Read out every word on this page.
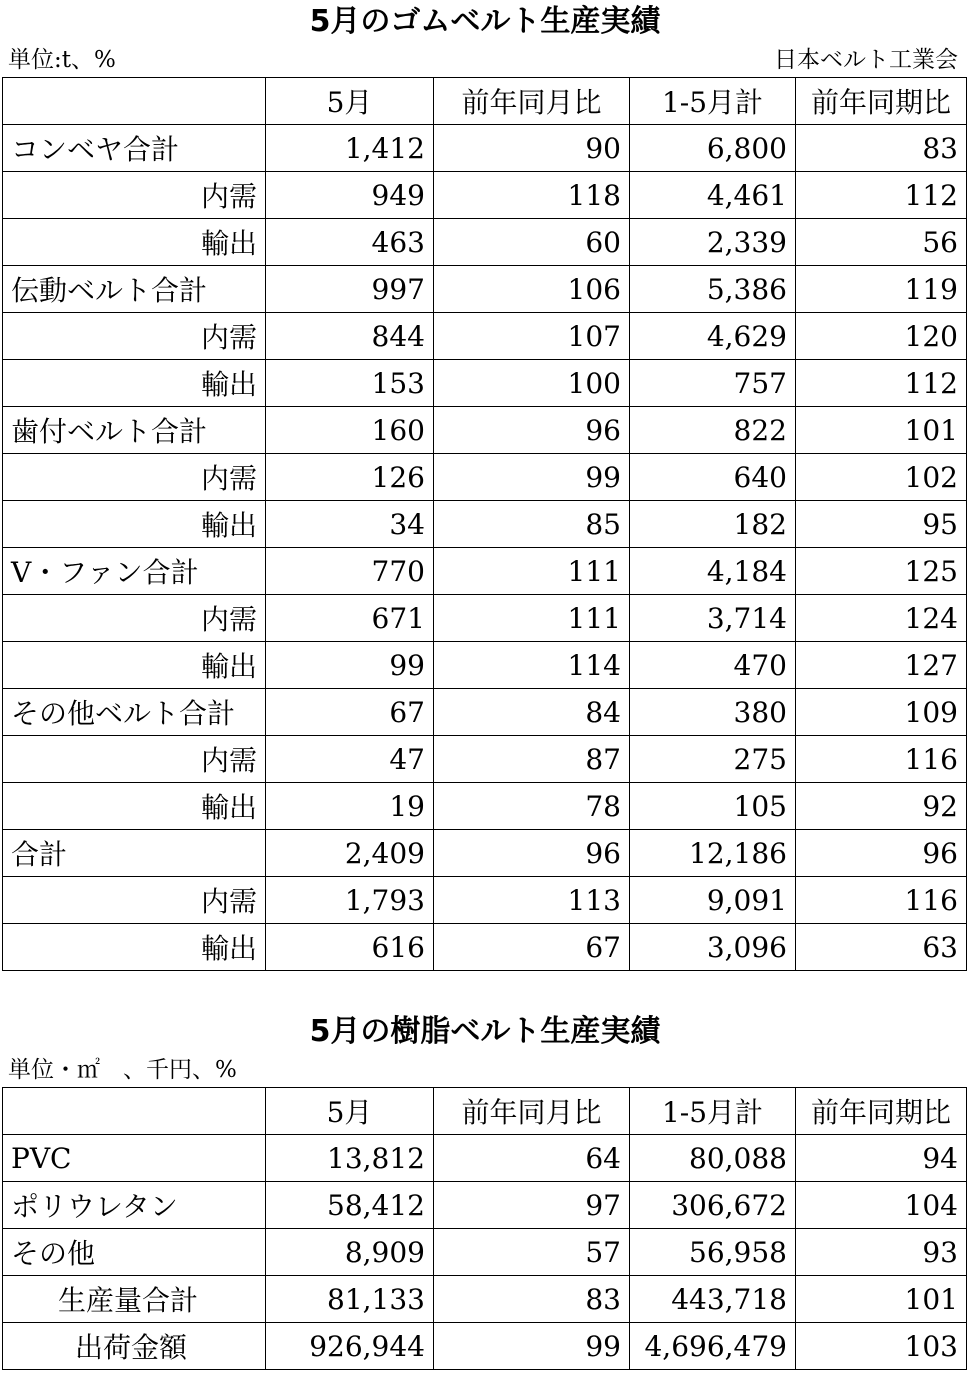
5月のゴムベルト生産実績
単位:t、%	日本ベルト工業会
	5月	前年同月比	1-5月計	前年同期比
コンベヤ合計	1,412	90	6,800	83
内需	949	118	4,461	112
輸出	463	60	2,339	56
伝動ベルト合計	997	106	5,386	119
内需	844	107	4,629	120
輸出	153	100	757	112
歯付ベルト合計	160	96	822	101
内需	126	99	640	102
輸出	34	85	182	95
V・ファン合計	770	111	4,184	125
内需	671	111	3,714	124
輸出	99	114	470	127
その他ベルト合計	67	84	380	109
内需	47	87	275	116
輸出	19	78	105	92
合計	2,409	96	12,186	96
内需	1,793	113	9,091	116
輸出	616	67	3,096	63
5月の樹脂ベルト生産実績
単位・㎡　、千円、%
	5月	前年同月比	1-5月計	前年同期比
PVC	13,812	64	80,088	94
ポリウレタン	58,412	97	306,672	104
その他	8,909	57	56,958	93
生産量合計	81,133	83	443,718	101
出荷金額	926,944	99	4,696,479	103
